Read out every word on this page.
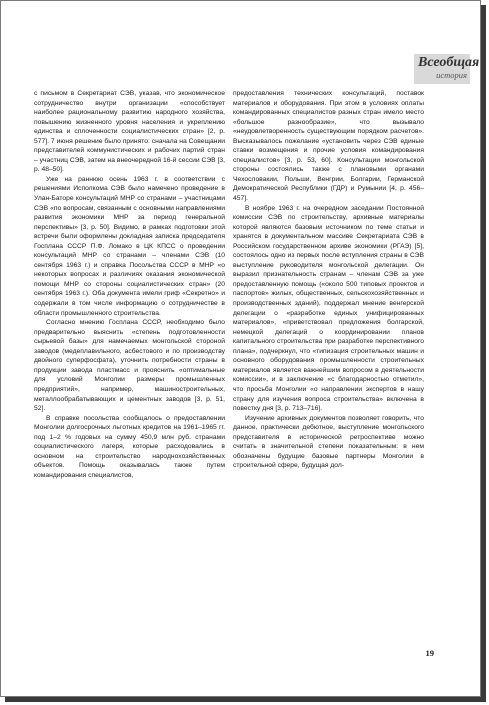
Всеобщая
история

с письмом в Секретариат СЭВ, указав, что экономическое сотрудничество внутри организации «способствует наиболее рациональному развитию народного хозяйства, повышению жизненного уровня населения и укреплению единства и сплоченности социалистических стран» [2, р. 577]. 7 июня решение было принято: сначала на Совещании представителей коммунистических и рабочих партий стран – участниц СЭВ, затем на внеочередной 16-й сессии СЭВ [3, р. 48–50].

Уже на раннюю осень 1963 г. в соответствии с решениями Исполкома СЭВ было намечено проведение в Улан-Баторе консультаций МНР со странами – участницами СЭВ «по вопросам, связанным с основными направлениями развития экономики МНР за период генеральной перспективы» [3, р. 50]. Видимо, в рамках подготовки этой встречи были оформлены докладная записка председателя Госплана СССР П.Ф. Ломако в ЦК КПСС о проведении консультаций МНР со странами – членами СЭВ (10 сентября 1963 г.) и справка Посольства СССР в МНР «о некоторых вопросах и различиях оказания экономической помощи МНР со стороны социалистических стран» (20 сентября 1963 г.). Оба документа имели гриф «Секретно» и содержали в том числе информацию о сотрудничестве в области промышленного строительства.

Согласно мнению Госплана СССР, необходимо было предварительно выяснить «степень подготовленности сырьевой базы» для намечаемых монгольской стороной заводов (медеплавильного, асбестового и по производству двойного суперфосфата), уточнить потребности страны в продукции завода пластмасс и прояснить «оптимальные для условий Монголии размеры промышленных предприятий», например, машиностроительных, металлообрабатывающих и цементных заводов [3, р. 51, 52].

В справке посольства сообщалось о предоставлении Монголии долгосрочных льготных кредитов на 1961–1965 гг. под 1–2 % годовых на сумму 450,9 млн руб. странами социалистического лагеря, которые расходовались в основном на строительство народнохозяйственных объектов. Помощь оказывалась также путем командирования специалистов,

предоставления технических консультаций, поставок материалов и оборудования. При этом в условиях оплаты командированных специалистов разных стран имело место «большое разнообразие», что вызывало «неудовлетворенность существующим порядком расчетов». Высказывалось пожелание «установить через СЭВ единые ставки возмещения и прочие условия командирования специалистов» [3, р. 53, 60]. Консультации монгольской стороны состоялись также с плановыми органами Чехословакии, Польши, Венгрии, Болгарии, Германской Демократической Республики (ГДР) и Румынии [4, р. 456–457].

В ноябре 1963 г. на очередном заседании Постоянной комиссии СЭВ по строительству, архивные материалы которой являются базовым источником по теме статьи и хранятся в документальном массиве Секретариата СЭВ в Российском государственном архиве экономики (РГАЭ) [5], состоялось одно из первых после вступления страны в СЭВ выступление руководителя монгольской делегации. Он выразил признательность странам – членам СЭВ за уже предоставленную помощь («около 500 типовых проектов и паспортов» жилых, общественных, сельскохозяйственных и производственных зданий), поддержал мнение венгерской делегации о «разработке единых унифицированных материалов», «приветствовал предложения болгарской, немецкой делегаций о координировании планов капитального строительства при разработке перспективного плана», подчеркнул, что «типизация строительных машин и основного оборудования промышленности строительных материалов является важнейшим вопросом в деятельности комиссии», и в заключение «с благодарностью отметил», что просьба Монголии «о направлении экспертов в нашу страну для изучения вопроса строительства» включена в повестку дня [3, р. 713–716].

Изучение архивных документов позволяет говорить, что данное, практически дебютное, выступление монгольского представителя в исторической ретроспективе можно считать в значительной степени показательным: в нем обозначены будущие базовые партнеры Монголии в строительной сфере, будущая дол-

19
